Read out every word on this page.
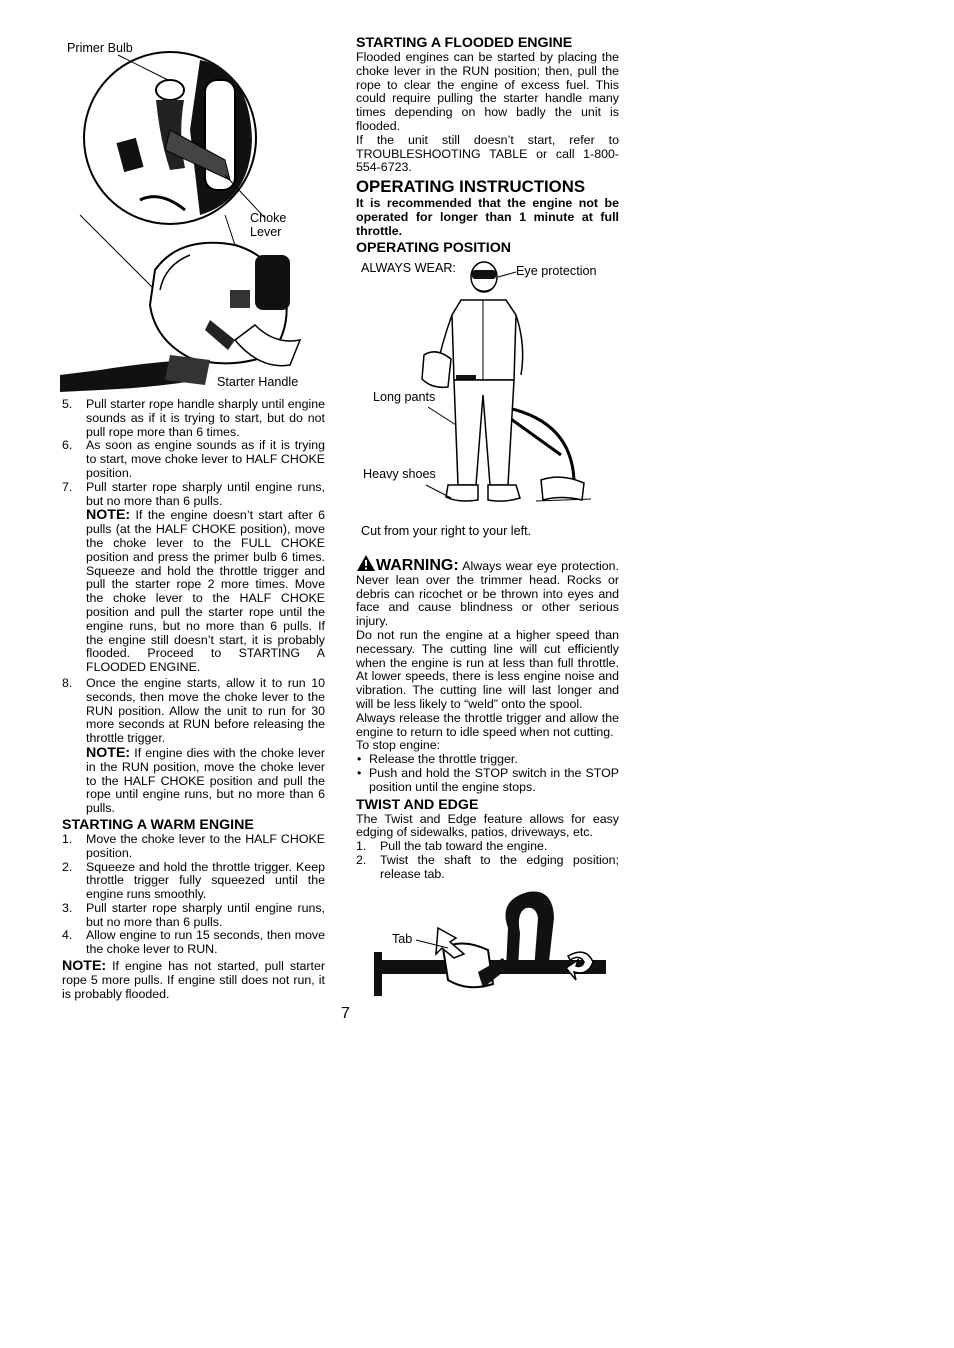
Primer Bulb
Choke Lever
Starter Handle
5. Pull starter rope handle sharply until engine sounds as if it is trying to start, but do not pull rope more than 6 times.
6. As soon as engine sounds as if it is trying to start, move choke lever to HALF CHOKE position.
7. Pull starter rope sharply until engine runs, but no more than 6 pulls.
NOTE: If the engine doesn’t start after 6 pulls (at the HALF CHOKE position), move the choke lever to the FULL CHOKE position and press the primer bulb 6 times. Squeeze and hold the throttle trigger and pull the starter rope 2 more times. Move the choke lever to the HALF CHOKE position and pull the starter rope until the engine runs, but no more than 6 pulls. If the engine still doesn’t start, it is probably flooded. Proceed to STARTING A FLOODED ENGINE.
8. Once the engine starts, allow it to run 10 seconds, then move the choke lever to the RUN position. Allow the unit to run for 30 more seconds at RUN before releasing the throttle trigger.
NOTE: If engine dies with the choke lever in the RUN position, move the choke lever to the HALF CHOKE position and pull the rope until engine runs, but no more than 6 pulls.
STARTING A WARM ENGINE
1. Move the choke lever to the HALF CHOKE position.
2. Squeeze and hold the throttle trigger. Keep throttle trigger fully squeezed until the engine runs smoothly.
3. Pull starter rope sharply until engine runs, but no more than 6 pulls.
4. Allow engine to run 15 seconds, then move the choke lever to RUN.
NOTE: If engine has not started, pull starter rope 5 more pulls. If engine still does not run, it is probably flooded.
STARTING A FLOODED ENGINE
Flooded engines can be started by placing the choke lever in the RUN position; then, pull the rope to clear the engine of excess fuel. This could require pulling the starter handle many times depending on how badly the unit is flooded.
If the unit still doesn’t start, refer to TROUBLESHOOTING TABLE or call 1-800-554-6723.
OPERATING INSTRUCTIONS
It is recommended that the engine not be operated for longer than 1 minute at full throttle.
OPERATING POSITION
ALWAYS WEAR:	Eye protection
Long pants
Heavy shoes
Cut from your right to your left.
WARNING: Always wear eye protection. Never lean over the trimmer head. Rocks or debris can ricochet or be thrown into eyes and face and cause blindness or other serious injury.
Do not run the engine at a higher speed than necessary. The cutting line will cut efficiently when the engine is run at less than full throttle. At lower speeds, there is less engine noise and vibration. The cutting line will last longer and will be less likely to “weld” onto the spool.
Always release the throttle trigger and allow the engine to return to idle speed when not cutting.
To stop engine:
• Release the throttle trigger.
• Push and hold the STOP switch in the STOP position until the engine stops.
TWIST AND EDGE
The Twist and Edge feature allows for easy edging of sidewalks, patios, driveways, etc.
1. Pull the tab toward the engine.
2. Twist the shaft to the edging position; release tab.
Tab
7
